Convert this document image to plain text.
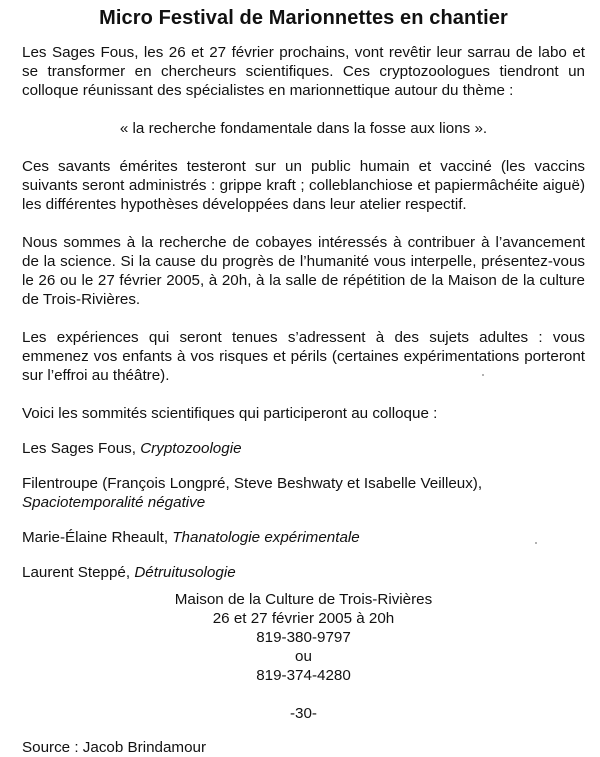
Micro Festival de Marionnettes en chantier

Les Sages Fous, les 26 et 27 février prochains, vont revêtir leur sarrau de labo et se transformer en chercheurs scientifiques. Ces cryptozoologues tiendront un colloque réunissant des spécialistes en marionnettique autour du thème :

« la recherche fondamentale dans la fosse aux lions ».

Ces savants émérites testeront sur un public humain et vacciné (les vaccins suivants seront administrés : grippe kraft ; colleblanchiose et papiermâchéite aiguë) les différentes hypothèses développées dans leur atelier respectif.

Nous sommes à la recherche de cobayes intéressés à contribuer à l’avancement de la science. Si la cause du progrès de l’humanité vous interpelle, présentez-vous le 26 ou le 27 février 2005, à 20h, à la salle de répétition de la Maison de la culture de Trois-Rivières.

Les expériences qui seront tenues s’adressent à des sujets adultes : vous emmenez vos enfants à vos risques et périls (certaines expérimentations porteront sur l’effroi au théâtre).

Voici les sommités scientifiques qui participeront au colloque :

Les Sages Fous, Cryptozoologie

Filentroupe (François Longpré, Steve Beshwaty et Isabelle Veilleux),
Spaciotemporalité négative

Marie-Élaine Rheault, Thanatologie expérimentale

Laurent Steppé, Détruitusologie

Maison de la Culture de Trois-Rivières
26 et 27 février 2005 à 20h
819-380-9797
ou
819-374-4280
-30-
Source : Jacob Brindamour
